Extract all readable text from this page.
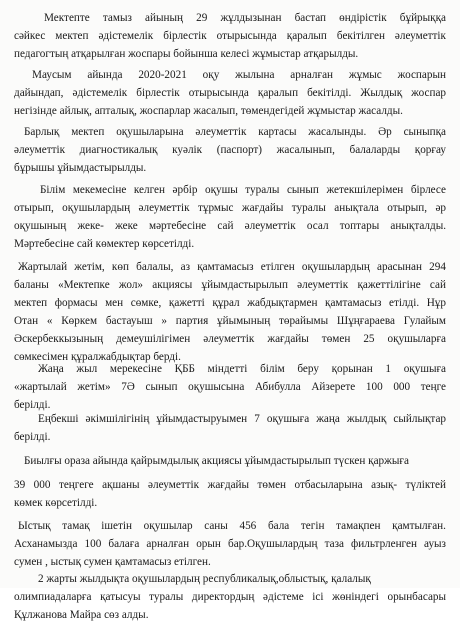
Мектепте тамыз айының 29 жұлдызынан бастап өндірістік бұйрыққа
сәйкес мектеп әдістемелік бірлестік отырысында қаралып бекітілген әлеуметтік
педагогтың атқарылған жоспары бойынша келесі жұмыстар атқарылды.

Маусым айында 2020-2021 оқу жылына арналған жұмыс жоспарын
дайындап, әдістемелік бірлестік отырысында қаралып бекітілді. Жылдық жоспар
негізінде айлық, апталық, жоспарлар жасалып, төмендегідей жұмыстар жасалды.

Барлық мектеп оқушыларына әлеуметтік картасы жасалынды. Әр сыныпқа
әлеуметтік диагностикалық куәлік (паспорт) жасалынып, балаларды қорғау
бұрышы ұйымдастырылды.

Білім мекемесіне келген әрбір оқушы туралы сынып жетекшілерімен бірлесе
отырып, оқушылардың әлеуметтік тұрмыс жағдайы туралы анықтала отырып, әр
оқушының жеке- жеке мәртебесіне сай әлеуметтік осал топтары анықталды.
Мәртебесіне сай көмектер көрсетілді.

Жартылай жетім, көп балалы, аз қамтамасыз етілген оқушылардың арасынан 294
баланы «Мектепке жол» акциясы ұйымдастырылып әлеуметтік қажеттілігіне сай
мектеп формасы мен сөмке, қажетті құрал жабдықтармен қамтамасыз етілді. Нұр
Отан « Көркем бастауыш » партия ұйымының төрайымы Шұңғараева Гулайым
Әскербеккызының демеушілігімен әлеуметтік жағдайы төмен 25 оқушыларға
сөмкесімен құралжабдықтар берді.

Жаңа жыл мерекесіне ҚББ міндетті білім беру қорынан 1 оқушыға
«жартылай жетім» 7Ә сынып оқушысына Абибулла Айзерете 100 000 теңге
берілді.

Еңбекші әкімшілігінің ұйымдастыруымен 7 оқушыға жаңа жылдық сыйлықтар
берілді.

Биылғы ораза айында қайрымдылық акциясы ұйымдастырылып түскен қаржыға

39 000 теңгеге ақшаны әлеуметтік жағдайы төмен отбасыларына азық- түліктей
көмек көрсетілді.

Ыстық тамақ ішетін оқушылар саны 456 бала тегін тамақпен қамтылған.
Асханамызда 100 балаға арналған орын бар.Оқушылардың таза фильтрленген ауыз
сумен , ыстық сумен қамтамасыз етілген.

2 жарты жылдықта оқушылардың республикалық,облыстық, қалалық
олимпиадаларға қатысуы туралы директордың әдістеме ісі жөніндегі орынбасары
Құлжанова Майра сөз алды.
